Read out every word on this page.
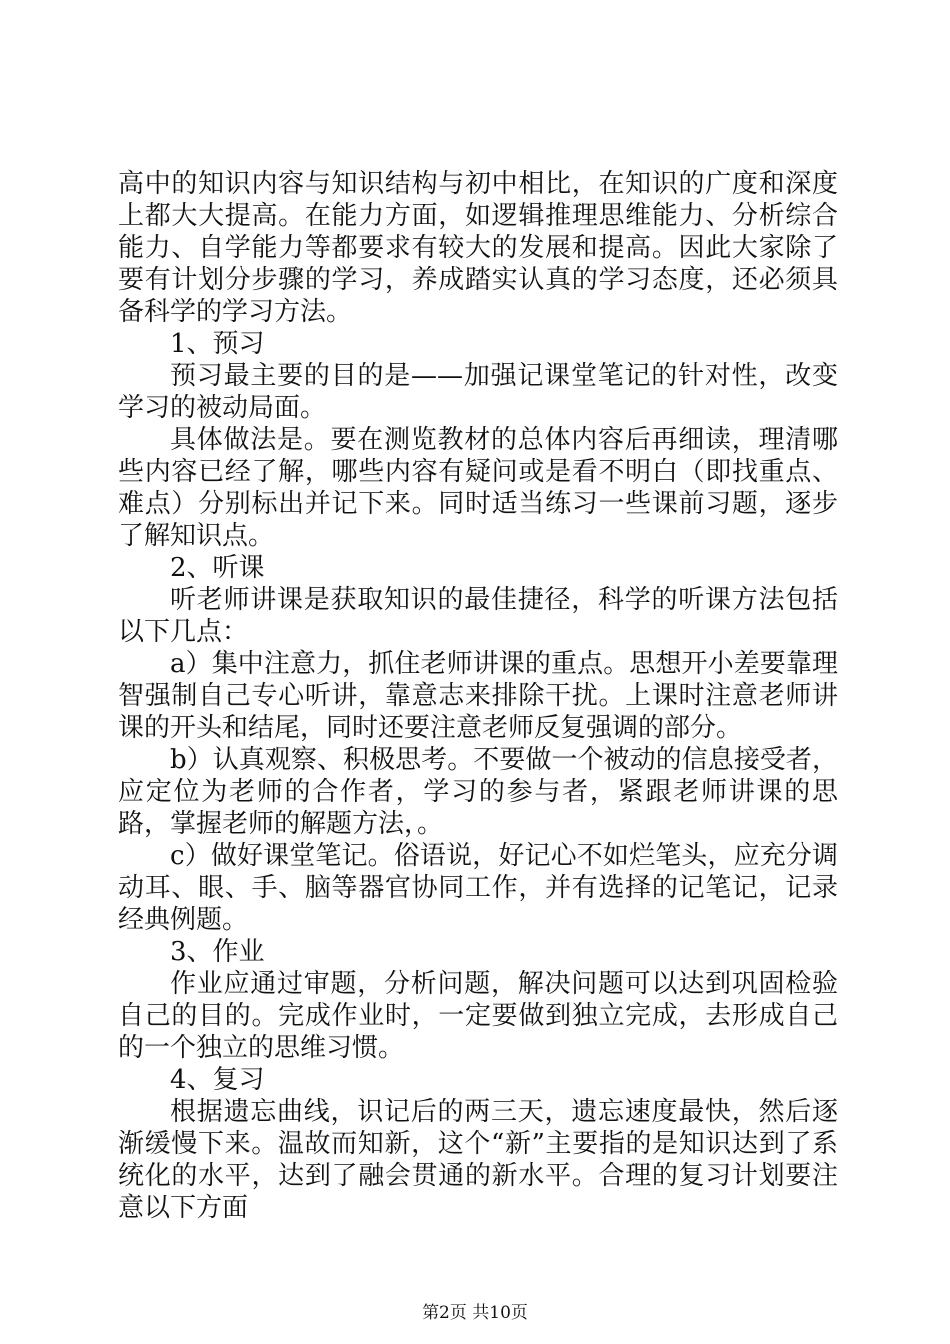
高中的知识内容与知识结构与初中相比，在知识的广度和深度上都大大提高。在能力方面，如逻辑推理思维能力、分析综合能力、自学能力等都要求有较大的发展和提高。因此大家除了要有计划分步骤的学习，养成踏实认真的学习态度，还必须具备科学的学习方法。

1、预习

预习最主要的目的是——加强记课堂笔记的针对性，改变学习的被动局面。

具体做法是。要在测览教材的总体内容后再细读，理清哪些内容已经了解，哪些内容有疑问或是看不明白（即找重点、难点）分别标出并记下来。同时适当练习一些课前习题，逐步了解知识点。

2、听课

听老师讲课是获取知识的最佳捷径，科学的听课方法包括以下几点：

a）集中注意力，抓住老师讲课的重点。思想开小差要靠理智强制自己专心听讲，靠意志来排除干扰。上课时注意老师讲课的开头和结尾，同时还要注意老师反复强调的部分。

b）认真观察、积极思考。不要做一个被动的信息接受者，应定位为老师的合作者，学习的参与者，紧跟老师讲课的思路，掌握老师的解题方法，。

c）做好课堂笔记。俗语说，好记心不如烂笔头，应充分调动耳、眼、手、脑等器官协同工作，并有选择的记笔记，记录经典例题。

3、作业

作业应通过审题，分析问题，解决问题可以达到巩固检验自己的目的。完成作业时，一定要做到独立完成，去形成自己的一个独立的思维习惯。

4、复习

根据遗忘曲线，识记后的两三天，遗忘速度最快，然后逐渐缓慢下来。温故而知新，这个“新”主要指的是知识达到了系统化的水平，达到了融会贯通的新水平。合理的复习计划要注意以下方面

第2页 共10页
